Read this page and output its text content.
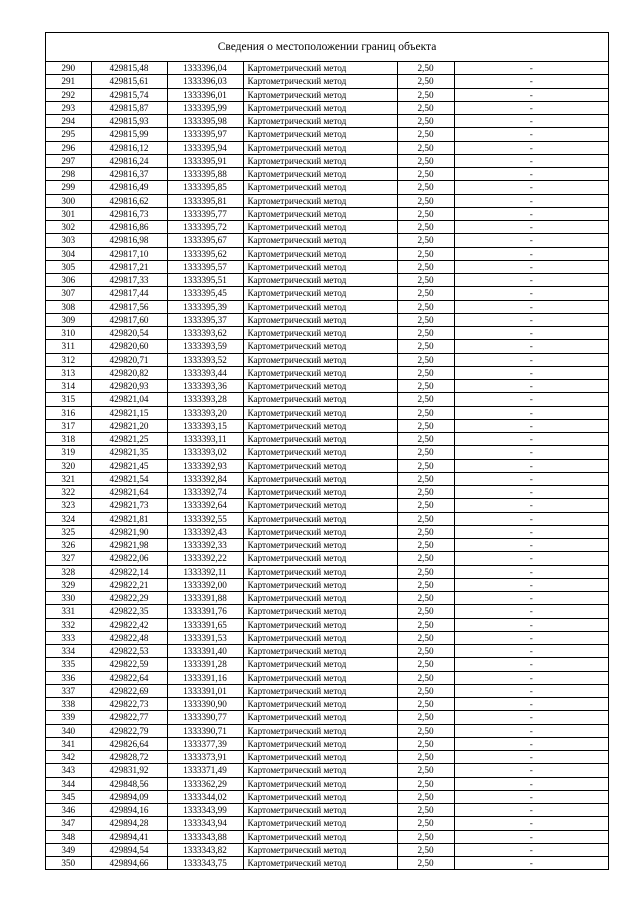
Сведения о местоположении границ объекта
290	429815,48	1333396,04	Картометрический метод	2,50	-
291	429815,61	1333396,03	Картометрический метод	2,50	-
292	429815,74	1333396,01	Картометрический метод	2,50	-
293	429815,87	1333395,99	Картометрический метод	2,50	-
294	429815,93	1333395,98	Картометрический метод	2,50	-
295	429815,99	1333395,97	Картометрический метод	2,50	-
296	429816,12	1333395,94	Картометрический метод	2,50	-
297	429816,24	1333395,91	Картометрический метод	2,50	-
298	429816,37	1333395,88	Картометрический метод	2,50	-
299	429816,49	1333395,85	Картометрический метод	2,50	-
300	429816,62	1333395,81	Картометрический метод	2,50	-
301	429816,73	1333395,77	Картометрический метод	2,50	-
302	429816,86	1333395,72	Картометрический метод	2,50	-
303	429816,98	1333395,67	Картометрический метод	2,50	-
304	429817,10	1333395,62	Картометрический метод	2,50	-
305	429817,21	1333395,57	Картометрический метод	2,50	-
306	429817,33	1333395,51	Картометрический метод	2,50	-
307	429817,44	1333395,45	Картометрический метод	2,50	-
308	429817,56	1333395,39	Картометрический метод	2,50	-
309	429817,60	1333395,37	Картометрический метод	2,50	-
310	429820,54	1333393,62	Картометрический метод	2,50	-
311	429820,60	1333393,59	Картометрический метод	2,50	-
312	429820,71	1333393,52	Картометрический метод	2,50	-
313	429820,82	1333393,44	Картометрический метод	2,50	-
314	429820,93	1333393,36	Картометрический метод	2,50	-
315	429821,04	1333393,28	Картометрический метод	2,50	-
316	429821,15	1333393,20	Картометрический метод	2,50	-
317	429821,20	1333393,15	Картометрический метод	2,50	-
318	429821,25	1333393,11	Картометрический метод	2,50	-
319	429821,35	1333393,02	Картометрический метод	2,50	-
320	429821,45	1333392,93	Картометрический метод	2,50	-
321	429821,54	1333392,84	Картометрический метод	2,50	-
322	429821,64	1333392,74	Картометрический метод	2,50	-
323	429821,73	1333392,64	Картометрический метод	2,50	-
324	429821,81	1333392,55	Картометрический метод	2,50	-
325	429821,90	1333392,43	Картометрический метод	2,50	-
326	429821,98	1333392,33	Картометрический метод	2,50	-
327	429822,06	1333392,22	Картометрический метод	2,50	-
328	429822,14	1333392,11	Картометрический метод	2,50	-
329	429822,21	1333392,00	Картометрический метод	2,50	-
330	429822,29	1333391,88	Картометрический метод	2,50	-
331	429822,35	1333391,76	Картометрический метод	2,50	-
332	429822,42	1333391,65	Картометрический метод	2,50	-
333	429822,48	1333391,53	Картометрический метод	2,50	-
334	429822,53	1333391,40	Картометрический метод	2,50	-
335	429822,59	1333391,28	Картометрический метод	2,50	-
336	429822,64	1333391,16	Картометрический метод	2,50	-
337	429822,69	1333391,01	Картометрический метод	2,50	-
338	429822,73	1333390,90	Картометрический метод	2,50	-
339	429822,77	1333390,77	Картометрический метод	2,50	-
340	429822,79	1333390,71	Картометрический метод	2,50	-
341	429826,64	1333377,39	Картометрический метод	2,50	-
342	429828,72	1333373,91	Картометрический метод	2,50	-
343	429831,92	1333371,49	Картометрический метод	2,50	-
344	429848,56	1333362,29	Картометрический метод	2,50	-
345	429894,09	1333344,02	Картометрический метод	2,50	-
346	429894,16	1333343,99	Картометрический метод	2,50	-
347	429894,28	1333343,94	Картометрический метод	2,50	-
348	429894,41	1333343,88	Картометрический метод	2,50	-
349	429894,54	1333343,82	Картометрический метод	2,50	-
350	429894,66	1333343,75	Картометрический метод	2,50	-
